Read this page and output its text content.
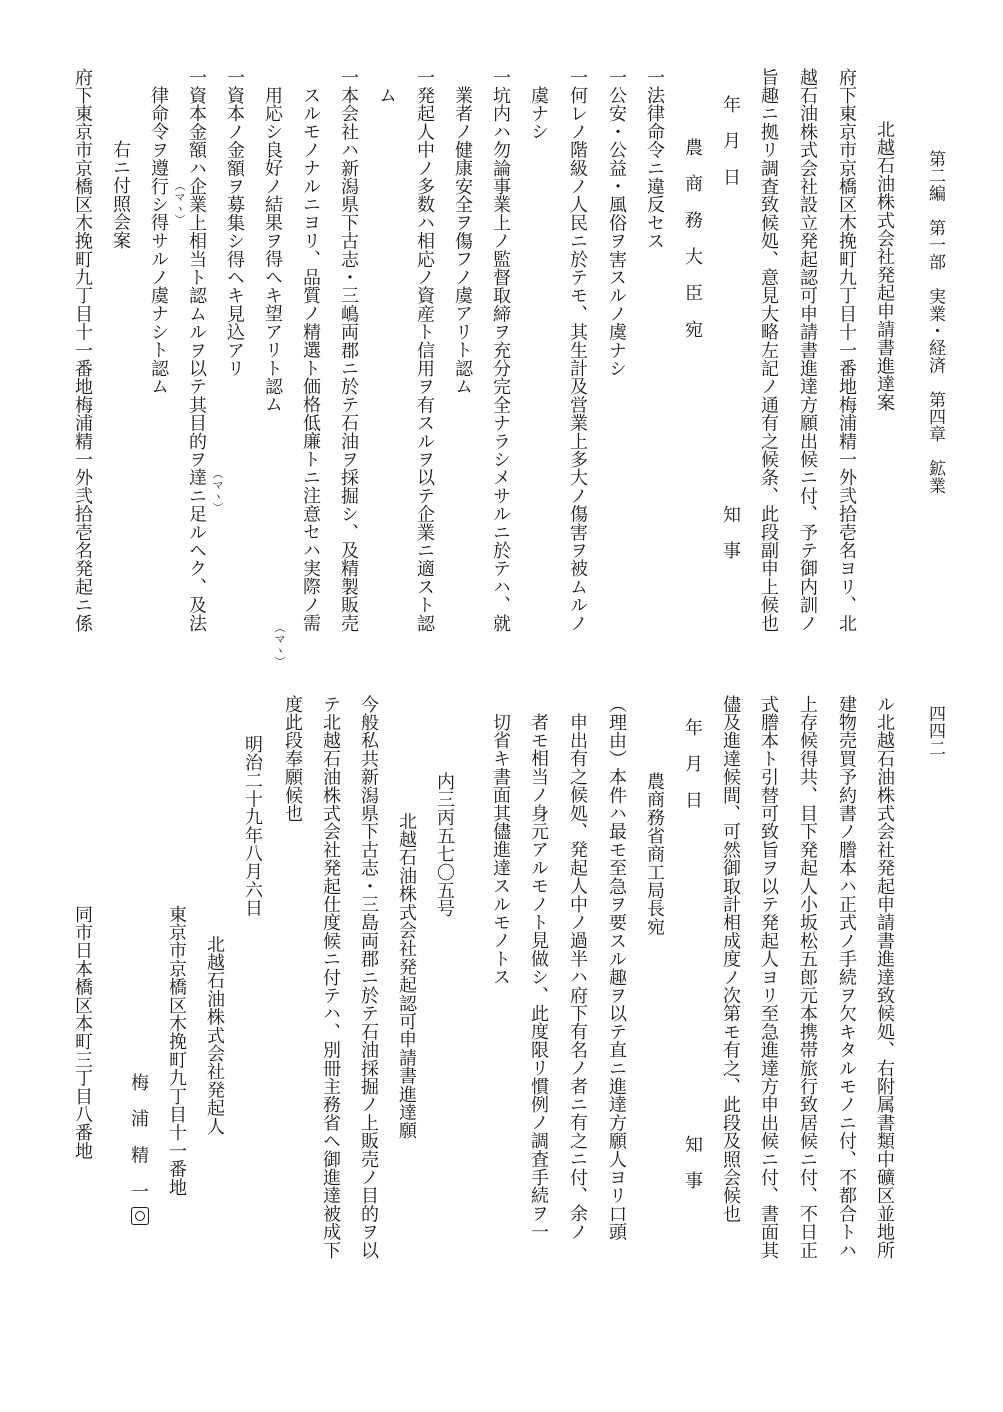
第二編　第一部　実業・経済　第四章　鉱業
四四二
北越石油株式会社発起申請書進達案
府下東京市京橋区木挽町九丁目十一番地梅浦精一外弐拾壱名ヨリ、北
越石油株式会社設立発起認可申請書進達方願出候ニ付、予テ御内訓ノ
旨趣ニ拠リ調査致候処、意見大略左記ノ通有之候条、此段副申上候也
年　月　日
知　事
農　商　務　大　臣　宛
一法律命令ニ違反セス
一公安・公益・風俗ヲ害スルノ虞ナシ
一何レノ階級ノ人民ニ於テモ、其生計及営業上多大ノ傷害ヲ被ムルノ
虞ナシ
一坑内ハ勿論事業上ノ監督取締ヲ充分完全ナラシメサルニ於テハ、就
業者ノ健康安全ヲ傷フノ虞アリト認ム
一発起人中ノ多数ハ相応ノ資産ト信用ヲ有スルヲ以テ企業ニ適スト認
ム
一本会社ハ新潟県下古志・三嶋両郡ニ於テ石油ヲ採掘シ、及精製販売
スルモノナルニヨリ、品質ノ精選ト価格低廉トニ注意セハ実際ノ需
用応シ良好ノ結果ヲ得ヘキ望アリト認ム
一資本ノ金額ヲ募集シ得ヘキ見込アリ
一資本金額ハ企業上相当ト認ムルヲ以テ其目的ヲ達ニ足ルヘク、及法
律命令ヲ遵行シ得サルノ虞ナシト認ム
（マヽ）
（マヽ）
（マヽ）
右ニ付照会案
府下東京市京橋区木挽町九丁目十一番地梅浦精一外弐拾壱名発起ニ係
ル北越石油株式会社発起申請書進達致候処、右附属書類中礦区並地所
建物売買予約書ノ謄本ハ正式ノ手続ヲ欠キタルモノニ付、不都合トハ
上存候得共、目下発起人小坂松五郎元本携帯旅行致居候ニ付、不日正
式謄本ト引替可致旨ヲ以テ発起人ヨリ至急進達方申出候ニ付、書面其
儘及進達候間、可然御取計相成度ノ次第モ有之、此段及照会候也
年　月　日
知　事
農商務省商工局長宛
（理由）本件ハ最モ至急ヲ要スル趣ヲ以テ直ニ進達方願人ヨリ口頭
申出有之候処、発起人中ノ過半ハ府下有名ノ者ニ有之ニ付、余ノ
者モ相当ノ身元アルモノト見做シ、此度限リ慣例ノ調査手続ヲ一
切省キ書面其儘進達スルモノトス
内三丙五七〇五号
北越石油株式会社発起認可申請書進達願
今般私共新潟県下古志・三島両郡ニ於テ石油採掘ノ上販売ノ目的ヲ以
テ北越石油株式会社発起仕度候ニ付テハ、別冊主務省ヘ御進達被成下
度此段奉願候也
明治二十九年八月六日
北越石油株式会社発起人
東京市京橋区木挽町九丁目十一番地
梅　浦　精　一
同市日本橋区本町三丁目八番地
